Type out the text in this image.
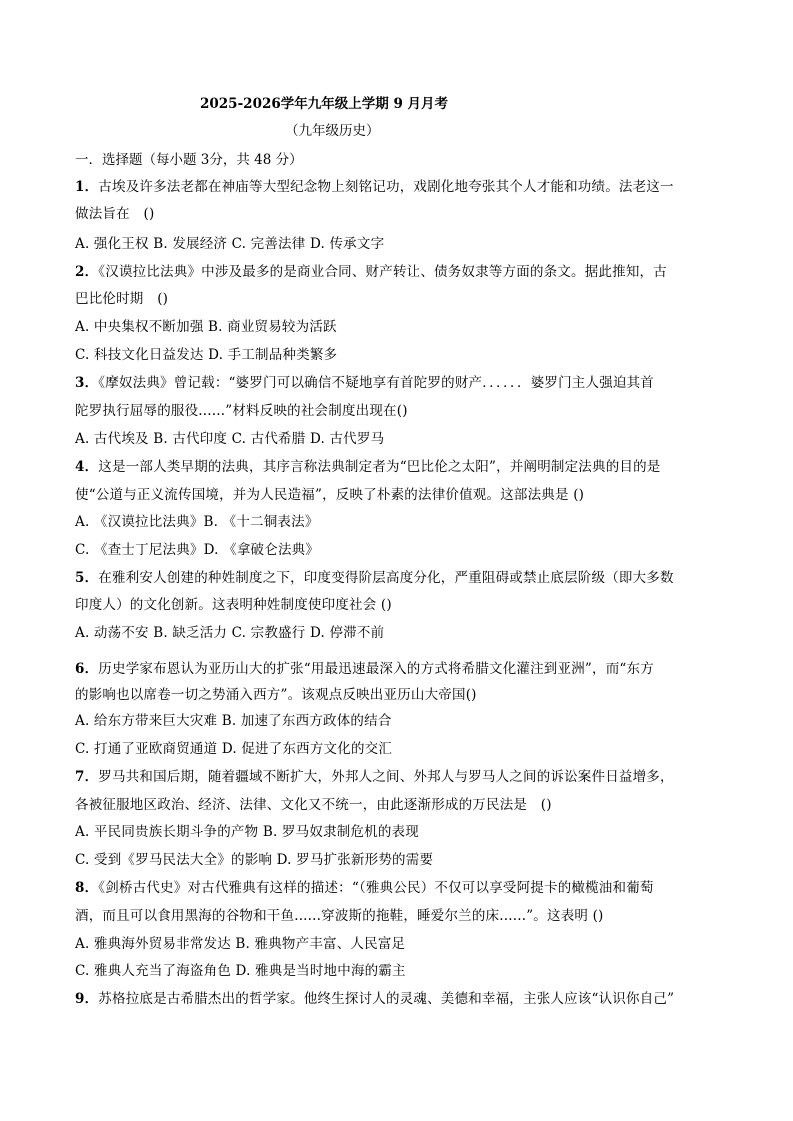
2025-2026学年九年级上学期 9 月月考
（九年级历史）
一．选择题（每小题 3分，共 48 分）
1．古埃及许多法老都在神庙等大型纪念物上刻铭记功，戏剧化地夸张其个人才能和功绩。法老这一
做法旨在　()
A. 强化王权 B. 发展经济 C. 完善法律 D. 传承文字
2．《汉谟拉比法典》中涉及最多的是商业合同、财产转让、债务奴隶等方面的条文。据此推知，古
巴比伦时期　()
A. 中央集权不断加强 B. 商业贸易较为活跃
C. 科技文化日益发达 D. 手工制品种类繁多
3．《摩奴法典》曾记载：“婆罗门可以确信不疑地享有首陀罗的财产．．．．．．婆罗门主人强迫其首
陀罗执行屈辱的服役......”材料反映的社会制度出现在()
A. 古代埃及 B. 古代印度 C. 古代希腊 D. 古代罗马
4．这是一部人类早期的法典，其序言称法典制定者为“巴比伦之太阳”，并阐明制定法典的目的是
使“公道与正义流传国境，并为人民造福”，反映了朴素的法律价值观。这部法典是 ()
A. 《汉谟拉比法典》B. 《十二铜表法》
C. 《查士丁尼法典》D. 《拿破仑法典》
5．在雅利安人创建的种姓制度之下，印度变得阶层高度分化，严重阻碍或禁止底层阶级（即大多数
印度人）的文化创新。这表明种姓制度使印度社会 ()
A. 动荡不安 B. 缺乏活力 C. 宗教盛行 D. 停滞不前
6．历史学家布恩认为亚历山大的扩张“用最迅速最深入的方式将希腊文化灌注到亚洲”，而“东方
的影响也以席卷一切之势涌入西方”。该观点反映出亚历山大帝国()
A. 给东方带来巨大灾难 B. 加速了东西方政体的结合
C. 打通了亚欧商贸通道 D. 促进了东西方文化的交汇
7．罗马共和国后期，随着疆域不断扩大，外邦人之间、外邦人与罗马人之间的诉讼案件日益增多，
各被征服地区政治、经济、法律、文化又不统一，由此逐渐形成的万民法是　()
A. 平民同贵族长期斗争的产物 B. 罗马奴隶制危机的表现
C. 受到《罗马民法大全》的影响 D. 罗马扩张新形势的需要
8．《剑桥古代史》对古代雅典有这样的描述：“（雅典公民）不仅可以享受阿提卡的橄榄油和葡萄
酒，而且可以食用黑海的谷物和干鱼......穿波斯的拖鞋，睡爱尔兰的床......”。这表明 ()
A. 雅典海外贸易非常发达 B. 雅典物产丰富、人民富足
C. 雅典人充当了海盗角色 D. 雅典是当时地中海的霸主
9．苏格拉底是古希腊杰出的哲学家。他终生探讨人的灵魂、美德和幸福，主张人应该“认识你自己”
